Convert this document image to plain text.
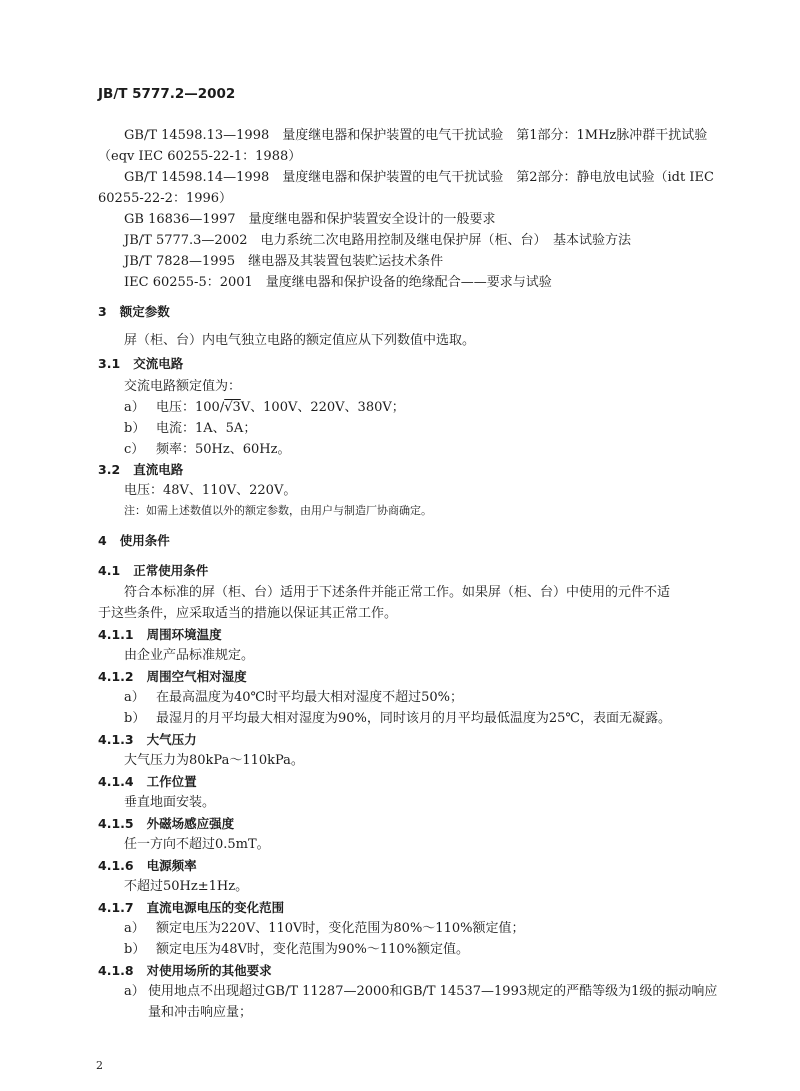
JB/T 5777.2—2002
GB/T 14598.13—1998　量度继电器和保护装置的电气干扰试验　第1部分：1MHz脉冲群干扰试验
（eqv IEC 60255-22-1：1988）
GB/T 14598.14—1998　量度继电器和保护装置的电气干扰试验　第2部分：静电放电试验（idt IEC
60255-22-2：1996）
GB 16836—1997　量度继电器和保护装置安全设计的一般要求
JB/T 5777.3—2002　电力系统二次电路用控制及继电保护屏（柜、台）　基本试验方法
JB/T 7828—1995　继电器及其装置包装贮运技术条件
IEC 60255-5：2001　量度继电器和保护设备的绝缘配合——要求与试验
3 额定参数
屏（柜、台）内电气独立电路的额定值应从下列数值中选取。
3.1 交流电路
交流电路额定值为：
a） 电压：100/√3V、100V、220V、380V；
b） 电流：1A、5A；
c） 频率：50Hz、60Hz。
3.2 直流电路
电压：48V、110V、220V。
注：如需上述数值以外的额定参数，由用户与制造厂协商确定。
4 使用条件
4.1 正常使用条件
符合本标准的屏（柜、台）适用于下述条件并能正常工作。如果屏（柜、台）中使用的元件不适
于这些条件，应采取适当的措施以保证其正常工作。
4.1.1 周围环境温度
由企业产品标准规定。
4.1.2 周围空气相对湿度
a） 在最高温度为40℃时平均最大相对湿度不超过50%；
b） 最湿月的月平均最大相对湿度为90%，同时该月的月平均最低温度为25℃，表面无凝露。
4.1.3 大气压力
大气压力为80kPa～110kPa。
4.1.4 工作位置
垂直地面安装。
4.1.5 外磁场感应强度
任一方向不超过0.5mT。
4.1.6 电源频率
不超过50Hz±1Hz。
4.1.7 直流电源电压的变化范围
a） 额定电压为220V、110V时，变化范围为80%～110%额定值；
b） 额定电压为48V时，变化范围为90%～110%额定值。
4.1.8 对使用场所的其他要求
a） 使用地点不出现超过GB/T 11287—2000和GB/T 14537—1993规定的严酷等级为1级的振动响应
量和冲击响应量；
2
